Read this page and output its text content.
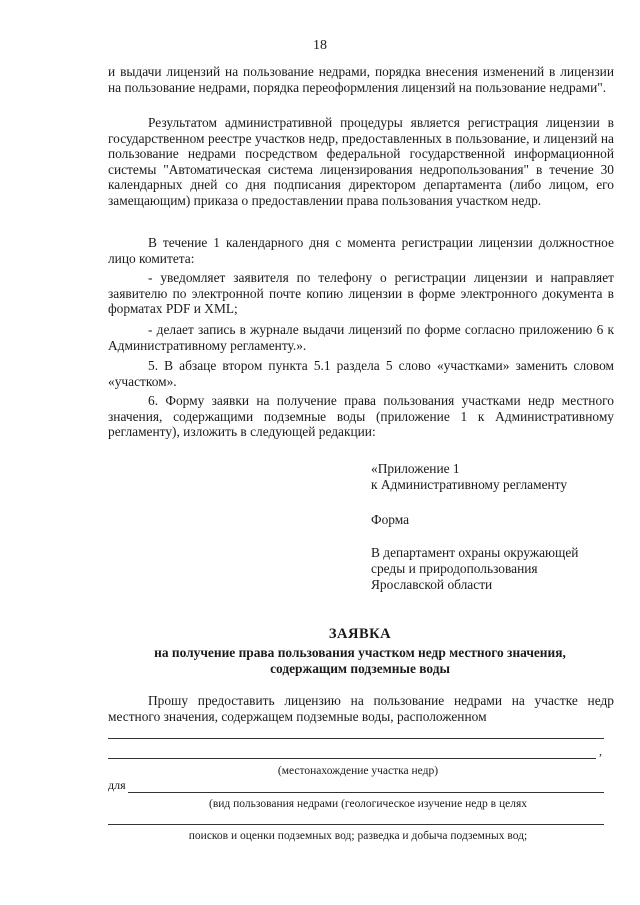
18
и выдачи лицензий на пользование недрами, порядка внесения изменений в лицензии на пользование недрами, порядка переоформления лицензий на пользование недрами".
Результатом административной процедуры является регистрация лицензии в государственном реестре участков недр, предоставленных в пользование, и лицензий на пользование недрами посредством федеральной государственной информационной системы "Автоматическая система лицензирования недропользования" в течение 30 календарных дней со дня подписания директором департамента (либо лицом, его замещающим) приказа о предоставлении права пользования участком недр.
В течение 1 календарного дня с момента регистрации лицензии должностное лицо комитета:
- уведомляет заявителя по телефону о регистрации лицензии и направляет заявителю по электронной почте копию лицензии в форме электронного документа в форматах PDF и XML;
- делает запись в журнале выдачи лицензий по форме согласно приложению 6 к Административному регламенту.».
5. В абзаце втором пункта 5.1 раздела 5 слово «участками» заменить словом «участком».
6. Форму заявки на получение права пользования участками недр местного значения, содержащими подземные воды (приложение 1 к Административному регламенту), изложить в следующей редакции:
«Приложение 1
к Административному регламенту
Форма
В департамент охраны окружающей
среды и природопользования
Ярославской области
ЗАЯВКА
на получение права пользования участком недр местного значения,
содержащим подземные воды
Прошу предоставить лицензию на пользование недрами на участке недр местного значения, содержащем подземные воды, расположенном
,
(местонахождение участка недр)
для
(вид пользования недрами (геологическое изучение недр в целях
поисков и оценки подземных вод; разведка и добыча подземных вод;
